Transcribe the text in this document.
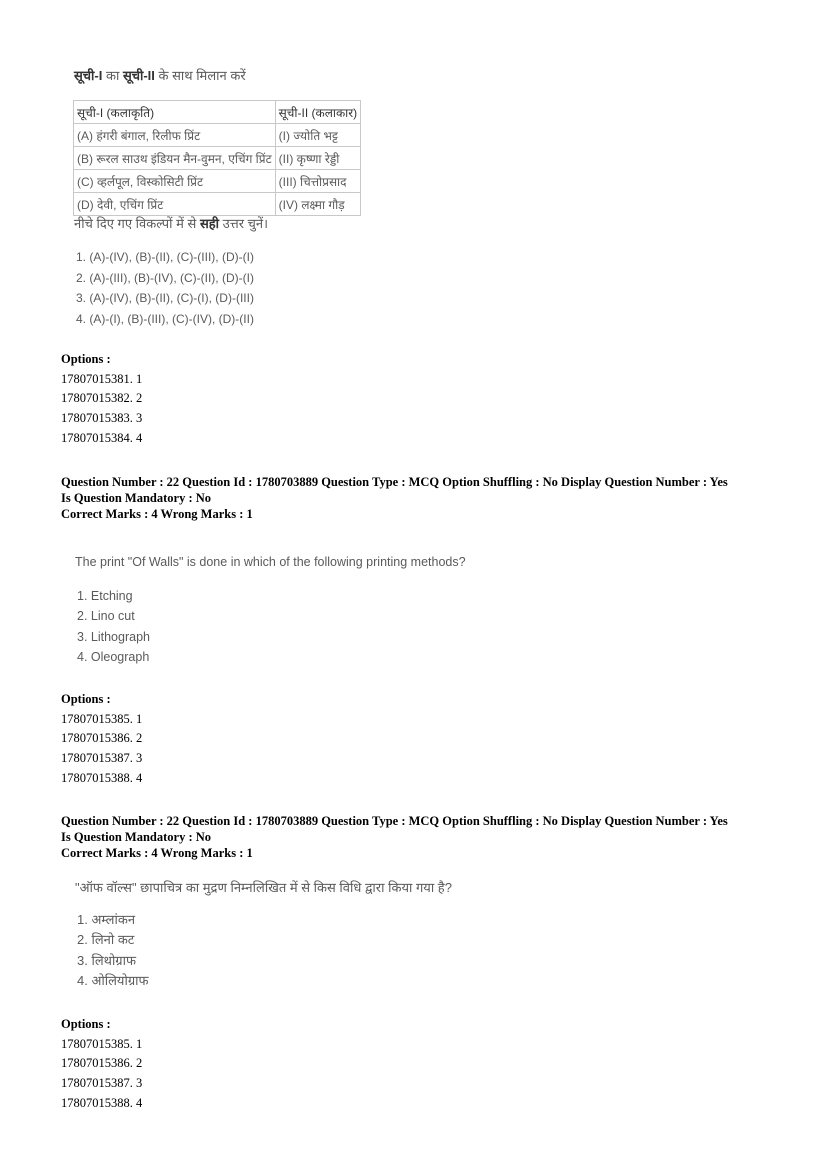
सूची-I का सूची-II के साथ मिलान करें
सूची-I (कलाकृति)	सूची-II (कलाकार)
(A) हंगरी बंगाल, रिलीफ प्रिंट	(I) ज्योति भट्ट
(B) रूरल साउथ इंडियन मैन-वुमन, एचिंग प्रिंट	(II) कृष्णा रेड्डी
(C) व्हर्लपूल, विस्कोसिटी प्रिंट	(III) चित्तोप्रसाद
(D) देवी, एचिंग प्रिंट	(IV) लक्ष्मा गौड़
नीचे दिए गए विकल्पों में से सही उत्तर चुनें।
1. (A)-(IV), (B)-(II), (C)-(III), (D)-(I)
2. (A)-(III), (B)-(IV), (C)-(II), (D)-(I)
3. (A)-(IV), (B)-(II), (C)-(I), (D)-(III)
4. (A)-(I), (B)-(III), (C)-(IV), (D)-(II)
Options :
17807015381. 1
17807015382. 2
17807015383. 3
17807015384. 4
Question Number : 22 Question Id : 1780703889 Question Type : MCQ Option Shuffling : No Display Question Number : Yes
Is Question Mandatory : No
Correct Marks : 4 Wrong Marks : 1
The print "Of Walls" is done in which of the following printing methods?
1. Etching
2. Lino cut
3. Lithograph
4. Oleograph
Options :
17807015385. 1
17807015386. 2
17807015387. 3
17807015388. 4
Question Number : 22 Question Id : 1780703889 Question Type : MCQ Option Shuffling : No Display Question Number : Yes
Is Question Mandatory : No
Correct Marks : 4 Wrong Marks : 1
"ऑफ वॉल्स" छापाचित्र का मुद्रण निम्नलिखित में से किस विधि द्वारा किया गया है?
1. अम्लांकन
2. लिनो कट
3. लिथोग्राफ
4. ओलियोग्राफ
Options :
17807015385. 1
17807015386. 2
17807015387. 3
17807015388. 4
